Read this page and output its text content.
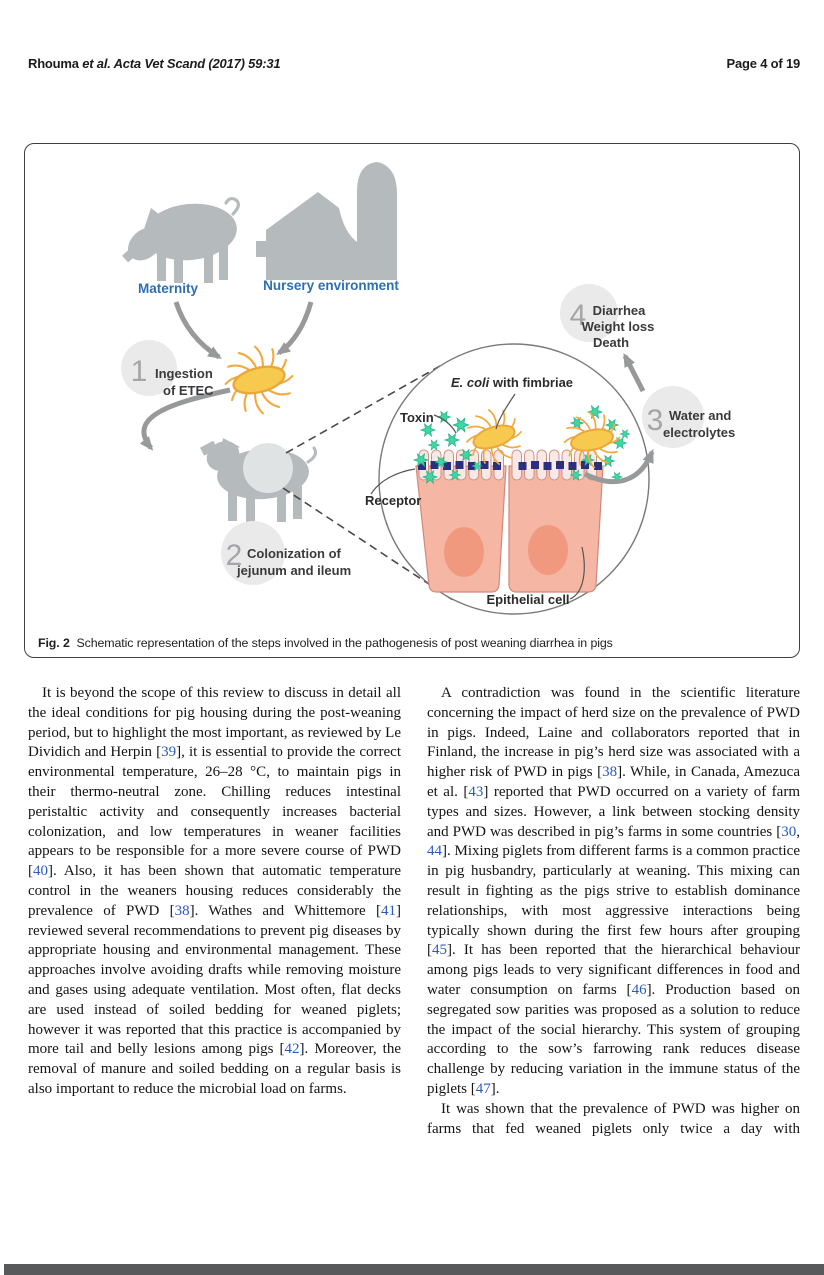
Rhouma et al. Acta Vet Scand (2017) 59:31	Page 4 of 19
Maternity	Nursery environment
1 Ingestion
of ETEC
2 Colonization of
jejunum and ileum
4 Diarrhea
Weight loss
Death
3 Water and
electrolytes
E. coli with fimbriae
Toxin
Receptor
Epithelial cell
Fig. 2 Schematic representation of the steps involved in the pathogenesis of post weaning diarrhea in pigs

It is beyond the scope of this review to discuss in detail all the ideal conditions for pig housing during the post-weaning period, but to highlight the most important, as reviewed by Le Dividich and Herpin [39], it is essential to provide the correct environmental temperature, 26–28 °C, to maintain pigs in their thermo-neutral zone. Chilling reduces intestinal peristaltic activity and consequently increases bacterial colonization, and low temperatures in weaner facilities appears to be responsible for a more severe course of PWD [40]. Also, it has been shown that automatic temperature control in the weaners housing reduces considerably the prevalence of PWD [38]. Wathes and Whittemore [41] reviewed several recommendations to prevent pig diseases by appropriate housing and environmental management. These approaches involve avoiding drafts while removing moisture and gases using adequate ventilation. Most often, flat decks are used instead of soiled bedding for weaned piglets; however it was reported that this practice is accompanied by more tail and belly lesions among pigs [42]. Moreover, the removal of manure and soiled bedding on a regular basis is also important to reduce the microbial load on farms.

A contradiction was found in the scientific literature concerning the impact of herd size on the prevalence of PWD in pigs. Indeed, Laine and collaborators reported that in Finland, the increase in pig’s herd size was associated with a higher risk of PWD in pigs [38]. While, in Canada, Amezuca et al. [43] reported that PWD occurred on a variety of farm types and sizes. However, a link between stocking density and PWD was described in pig’s farms in some countries [30, 44]. Mixing piglets from different farms is a common practice in pig husbandry, particularly at weaning. This mixing can result in fighting as the pigs strive to establish dominance relationships, with most aggressive interactions being typically shown during the first few hours after grouping [45]. It has been reported that the hierarchical behaviour among pigs leads to very significant differences in food and water consumption on farms [46]. Production based on segregated sow parities was proposed as a solution to reduce the impact of the social hierarchy. This system of grouping according to the sow’s farrowing rank reduces disease challenge by reducing variation in the immune status of the piglets [47].

It was shown that the prevalence of PWD was higher on farms that fed weaned piglets only twice a day with
